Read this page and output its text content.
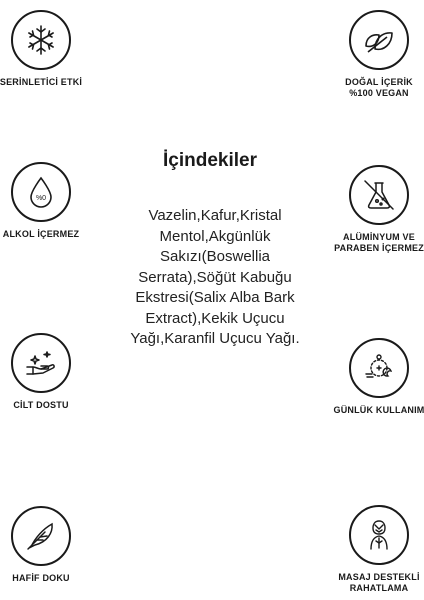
SERİNLETİCİ ETKİ
%0
ALKOL İÇERMEZ
CİLT DOSTU
HAFİF DOKU
DOĞAL İÇERİK
%100 VEGAN
ALÜMİNYUM VE
PARABEN İÇERMEZ
GÜNLÜK KULLANIM
MASAJ DESTEKLİ
RAHATLAMA
İçindekiler
Vazelin,Kafur,Kristal
Mentol,Akgünlük
Sakızı(Boswellia
Serrata),Söğüt Kabuğu
Ekstresi(Salix Alba Bark
Extract),Kekik Uçucu
Yağı,Karanfil Uçucu Yağı.
